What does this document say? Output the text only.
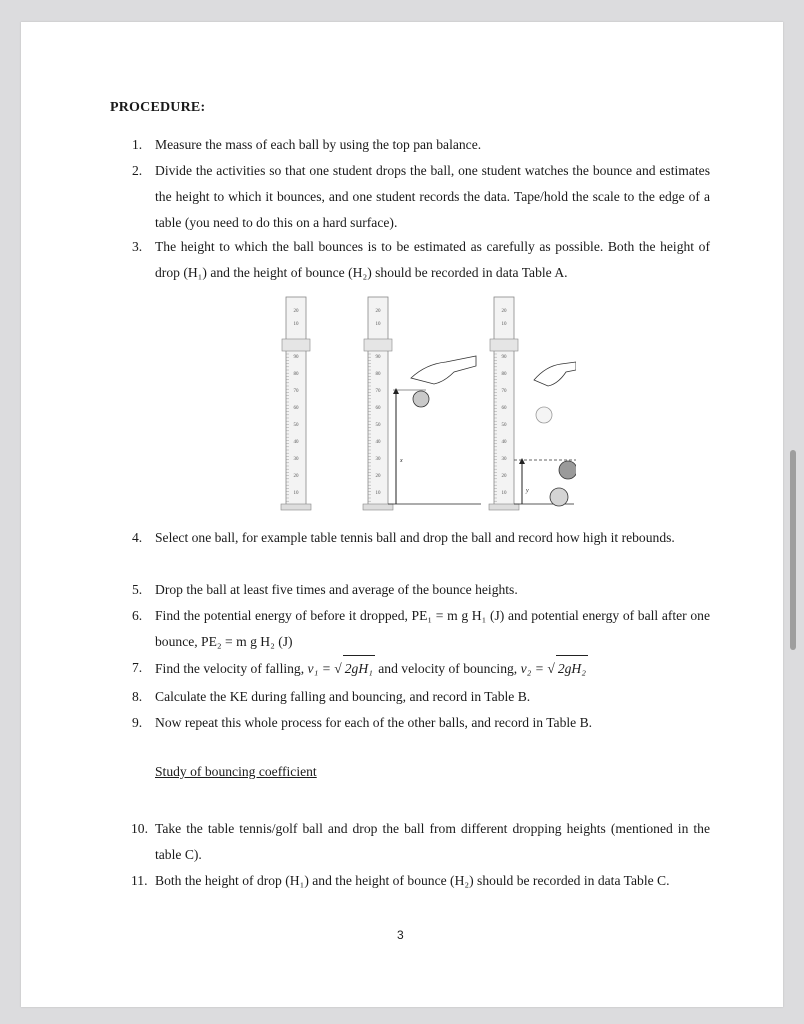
PROCEDURE:
1. Measure the mass of each ball by using the top pan balance.
2. Divide the activities so that one student drops the ball, one student watches the bounce and estimates the height to which it bounces, and one student records the data. Tape/hold the scale to the edge of a table (you need to do this on a hard surface).
3. The height to which the ball bounces is to be estimated as carefully as possible. Both the height of drop (H₁) and the height of bounce (H₂) should be recorded in data Table A.
20
10
90
80
70
60
50
40
30
20
10
20
10
x
90
80
70
60
50
40
30
20
10
20
10
y
90
80
70
60
50
40
30
20
10
4. Select one ball, for example table tennis ball and drop the ball and record how high it rebounds.
5. Drop the ball at least five times and average of the bounce heights.
6. Find the potential energy of before it dropped, PE₁ = m g H₁ (J) and potential energy of ball after one bounce, PE₂ = m g H₂ (J)
7. Find the velocity of falling, v₁ = √ 2gH₁ and velocity of bouncing, v₂ = √ 2gH₂
8. Calculate the KE during falling and bouncing, and record in Table B.
9. Now repeat this whole process for each of the other balls, and record in Table B.
Study of bouncing coefficient
10. Take the table tennis/golf ball and drop the ball from different dropping heights (mentioned in the table C).
11. Both the height of drop (H₁) and the height of bounce (H₂) should be recorded in data Table C.
3
